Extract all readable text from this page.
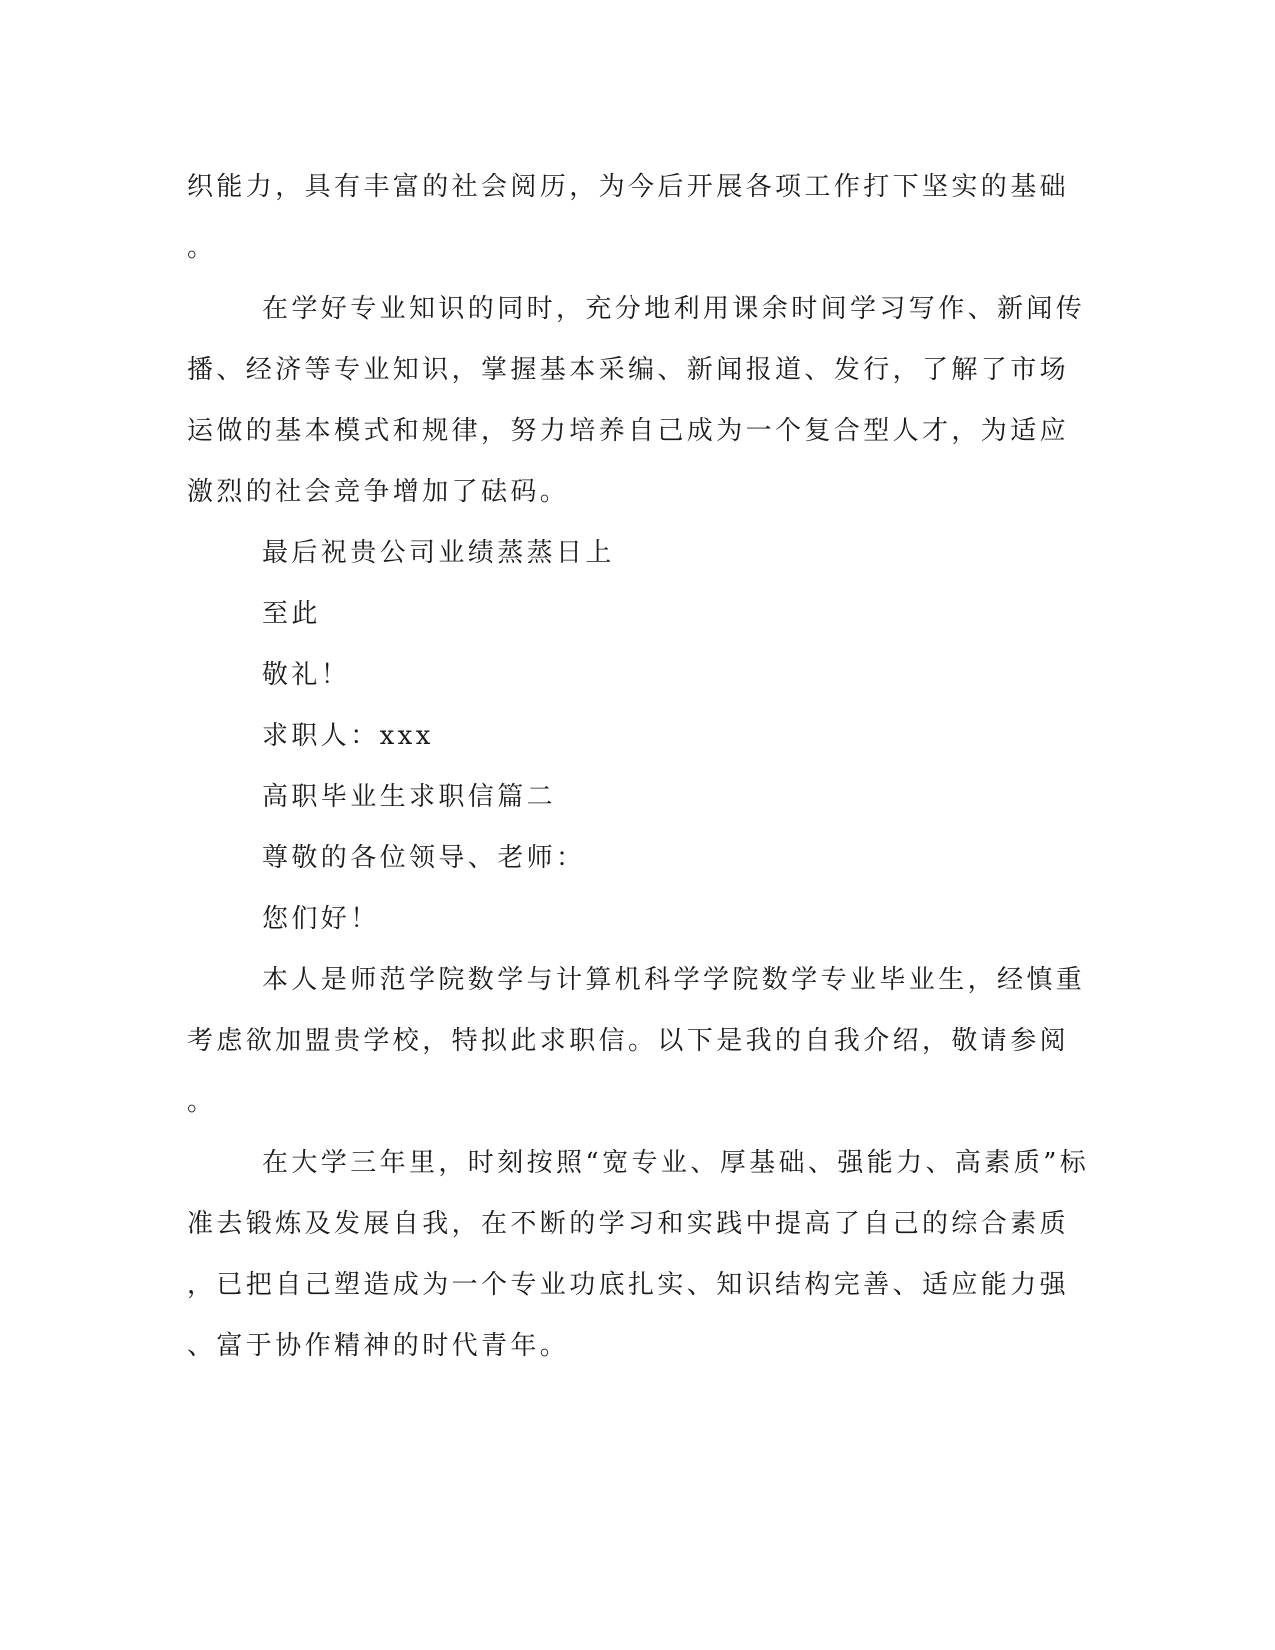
织能力，具有丰富的社会阅历，为今后开展各项工作打下坚实的基础
。
在学好专业知识的同时，充分地利用课余时间学习写作、新闻传
播、经济等专业知识，掌握基本采编、新闻报道、发行，了解了市场
运做的基本模式和规律，努力培养自己成为一个复合型人才，为适应
激烈的社会竞争增加了砝码。
最后祝贵公司业绩蒸蒸日上
至此
敬礼！
求职人：xxx
高职毕业生求职信篇二
尊敬的各位领导、老师：
您们好！
本人是师范学院数学与计算机科学学院数学专业毕业生，经慎重
考虑欲加盟贵学校，特拟此求职信。以下是我的自我介绍，敬请参阅
。
在大学三年里，时刻按照“宽专业、厚基础、强能力、高素质”标
准去锻炼及发展自我，在不断的学习和实践中提高了自己的综合素质
，已把自己塑造成为一个专业功底扎实、知识结构完善、适应能力强
、富于协作精神的时代青年。
